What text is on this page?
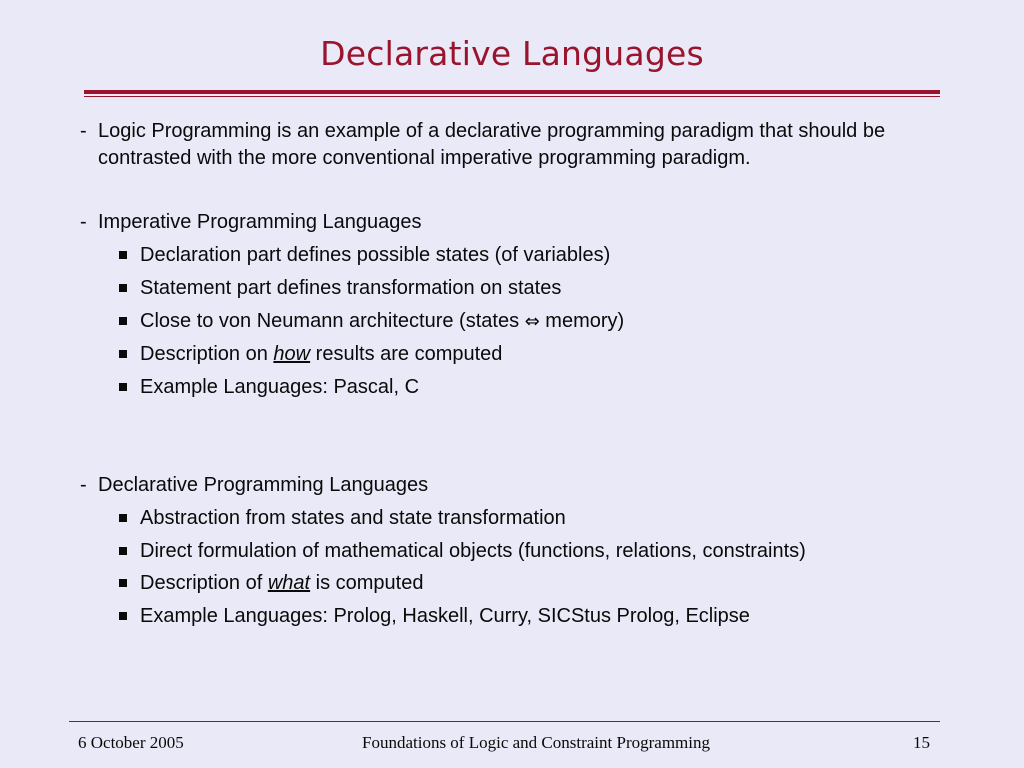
Declarative Languages
- Logic Programming is an example of a declarative programming paradigm that should be contrasted with the more conventional imperative programming paradigm.
- Imperative Programming Languages
Declaration part defines possible states (of variables)
Statement part defines transformation on states
Close to von Neumann architecture (states ⇔ memory)
Description on how results are computed
Example Languages: Pascal, C
- Declarative Programming Languages
Abstraction from states and state transformation
Direct formulation of mathematical objects (functions, relations, constraints)
Description of what is computed
Example Languages: Prolog, Haskell, Curry, SICStus Prolog, Eclipse
6 October 2005	Foundations of Logic and Constraint Programming	15
